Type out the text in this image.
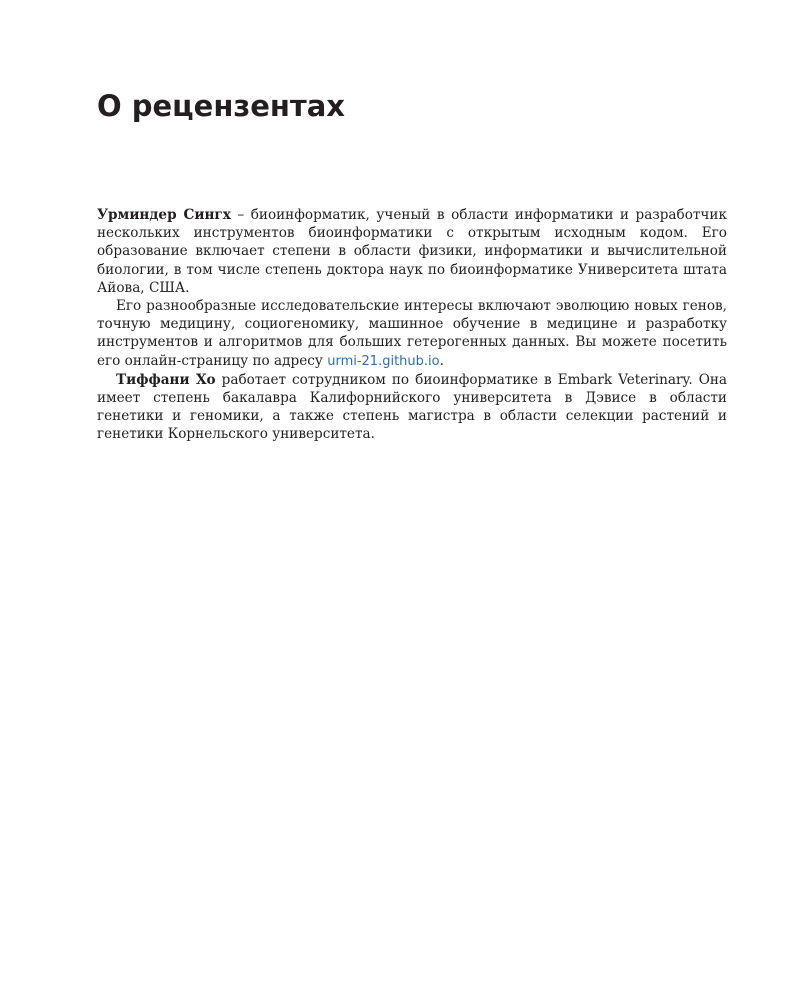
О рецензентах

Урминдер Сингх – биоинформатик, ученый в области информатики и разработчик нескольких инструментов биоинформатики с открытым исходным кодом. Его образование включает степени в области физики, информатики и вычислительной биологии, в том числе степень доктора наук по биоинформатике Университета штата Айова, США.

Его разнообразные исследовательские интересы включают эволюцию новых генов, точную медицину, социогеномику, машинное обучение в медицине и разработку инструментов и алгоритмов для больших гетерогенных данных. Вы можете посетить его онлайн-страницу по адресу urmi-21.github.io.

Тиффани Хо работает сотрудником по биоинформатике в Embark Veterinary. Она имеет степень бакалавра Калифорнийского университета в Дэвисе в области генетики и геномики, а также степень магистра в области селекции растений и генетики Корнельского университета.
